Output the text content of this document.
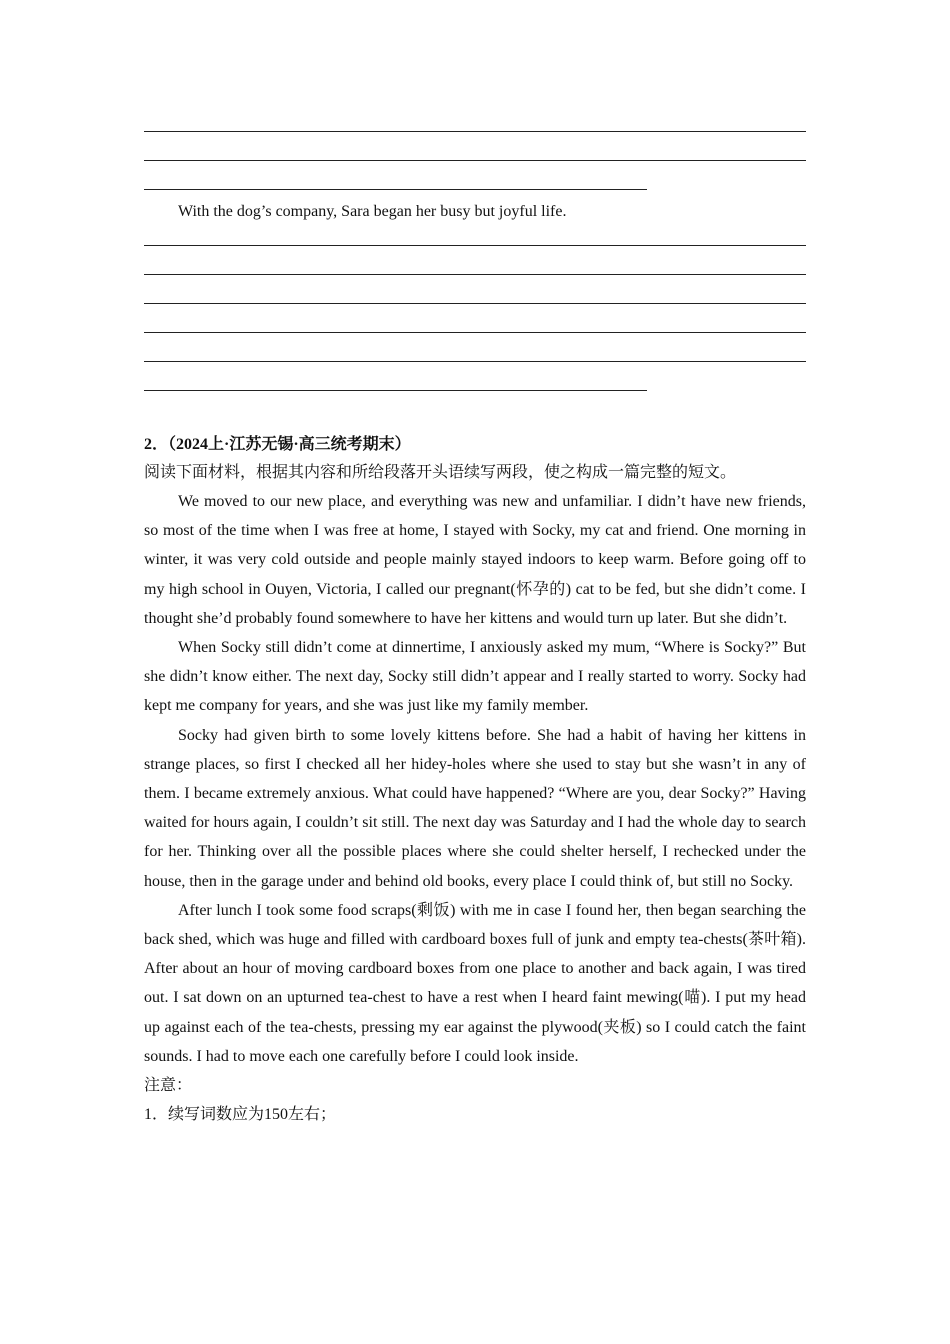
With the dog’s company, Sara began her busy but joyful life.

2．（2024上·江苏无锡·高三统考期末）

阅读下面材料，根据其内容和所给段落开头语续写两段，使之构成一篇完整的短文。

We moved to our new place, and everything was new and unfamiliar. I didn’t have new friends, so most of the time when I was free at home, I stayed with Socky, my cat and friend. One morning in winter, it was very cold outside and people mainly stayed indoors to keep warm. Before going off to my high school in Ouyen, Victoria, I called our pregnant(怀孕的) cat to be fed, but she didn’t come. I thought she’d probably found somewhere to have her kittens and would turn up later. But she didn’t.

When Socky still didn’t come at dinnertime, I anxiously asked my mum, “Where is Socky?” But she didn’t know either. The next day, Socky still didn’t appear and I really started to worry. Socky had kept me company for years, and she was just like my family member.

Socky had given birth to some lovely kittens before. She had a habit of having her kittens in strange places, so first I checked all her hidey-holes where she used to stay but she wasn’t in any of them. I became extremely anxious. What could have happened? “Where are you, dear Socky?” Having waited for hours again, I couldn’t sit still. The next day was Saturday and I had the whole day to search for her. Thinking over all the possible places where she could shelter herself, I rechecked under the house, then in the garage under and behind old books, every place I could think of, but still no Socky.

After lunch I took some food scraps(剩饭) with me in case I found her, then began searching the back shed, which was huge and filled with cardboard boxes full of junk and empty tea-chests(茶叶箱). After about an hour of moving cardboard boxes from one place to another and back again, I was tired out. I sat down on an upturned tea-chest to have a rest when I heard faint mewing(喵). I put my head up against each of the tea-chests, pressing my ear against the plywood(夹板) so I could catch the faint sounds. I had to move each one carefully before I could look inside.

注意：

1．续写词数应为150左右；
